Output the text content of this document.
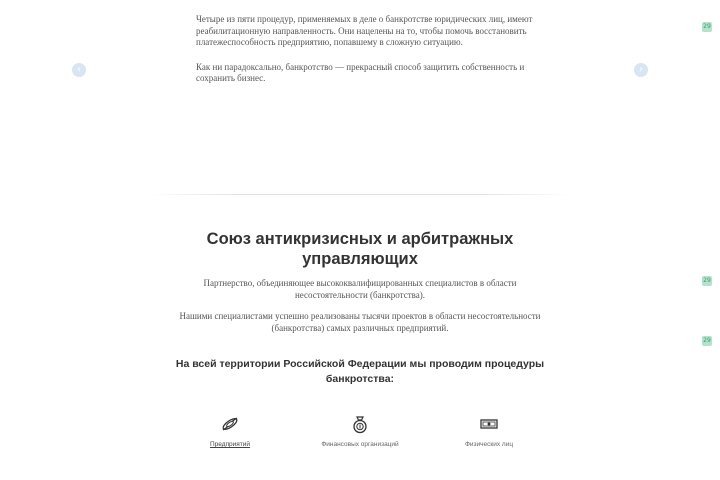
Четыре из пяти процедур, применяемых в деле о банкротстве юридических лиц, имеют реабилитационную направленность. Они нацелены на то, чтобы помочь восстановить платежеспособность предприятию, попавшему в сложную ситуацию.

Как ни парадоксально, банкротство — прекрасный способ защитить собственность и сохранить бизнес.

‹	›
29
29
29
Союз антикризисных и арбитражных управляющих

Партнерство, объединяющее высококвалифицированных специалистов в области несостоятельности (банкротства).

Нашими специалистами успешно реализованы тысячи проектов в области несостоятельности (банкротства) самых различных предприятий.

На всей территории Российской Федерации мы проводим процедуры банкротства:
Предприятий	Финансовых организаций	Физических лиц
